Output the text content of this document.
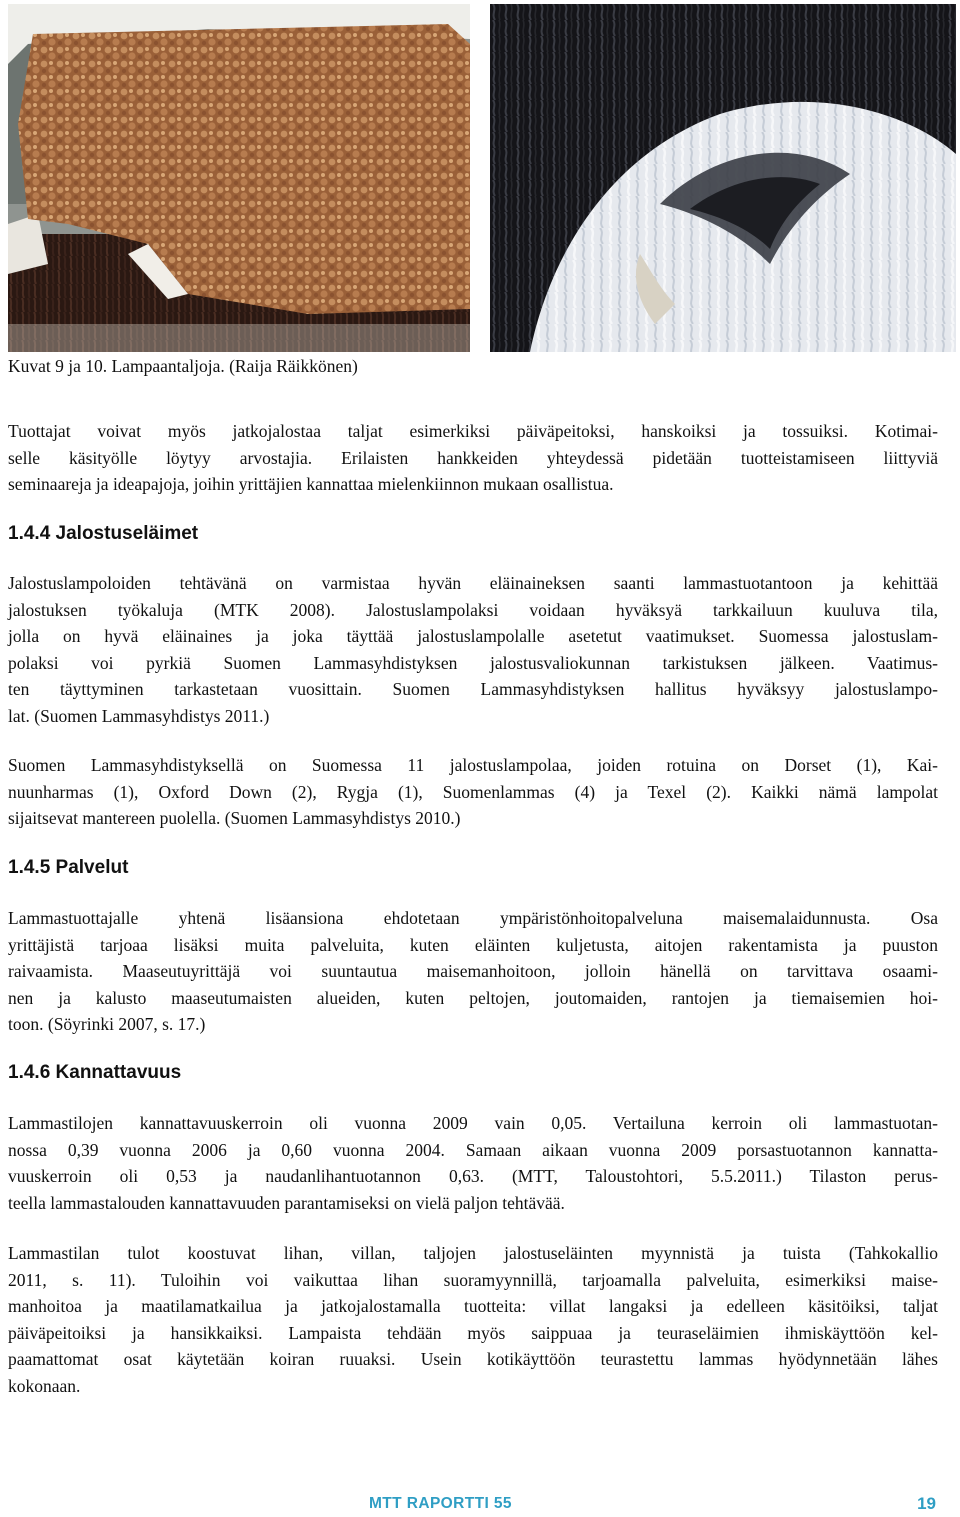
Kuvat 9 ja 10. Lampaantaljoja. (Raija Räikkönen)
Tuottajat voivat myös jatkojalostaa taljat esimerkiksi päiväpeitoksi, hanskoiksi ja tossuiksi. Kotimai-
selle käsityölle löytyy arvostajia. Erilaisten hankkeiden yhteydessä pidetään tuotteistamiseen liittyviä
seminaareja ja ideapajoja, joihin yrittäjien kannattaa mielenkiinnon mukaan osallistua.
1.4.4 Jalostuseläimet
Jalostuslampoloiden tehtävänä on varmistaa hyvän eläinaineksen saanti lammastuotantoon ja kehittää
jalostuksen työkaluja (MTK 2008). Jalostuslampolaksi voidaan hyväksyä tarkkailuun kuuluva tila,
jolla on hyvä eläinaines ja joka täyttää jalostuslampolalle asetetut vaatimukset. Suomessa jalostuslam-
polaksi voi pyrkiä Suomen Lammasyhdistyksen jalostusvaliokunnan tarkistuksen jälkeen. Vaatimus-
ten täyttyminen tarkastetaan vuosittain. Suomen Lammasyhdistyksen hallitus hyväksyy jalostuslampo-
lat. (Suomen Lammasyhdistys 2011.)
Suomen Lammasyhdistyksellä on Suomessa 11 jalostuslampolaa, joiden rotuina on Dorset (1), Kai-
nuunharmas (1), Oxford Down (2), Rygja (1), Suomenlammas (4) ja Texel (2). Kaikki nämä lampolat
sijaitsevat mantereen puolella. (Suomen Lammasyhdistys 2010.)
1.4.5 Palvelut
Lammastuottajalle yhtenä lisäansiona ehdotetaan ympäristönhoitopalveluna maisemalaidunnusta. Osa
yrittäjistä tarjoaa lisäksi muita palveluita, kuten eläinten kuljetusta, aitojen rakentamista ja puuston
raivaamista. Maaseutuyrittäjä voi suuntautua maisemanhoitoon, jolloin hänellä on tarvittava osaami-
nen ja kalusto maaseutumaisten alueiden, kuten peltojen, joutomaiden, rantojen ja tiemaisemien hoi-
toon. (Söyrinki 2007, s. 17.)
1.4.6 Kannattavuus
Lammastilojen kannattavuuskerroin oli vuonna 2009 vain 0,05. Vertailuna kerroin oli lammastuotan-
nossa 0,39 vuonna 2006 ja 0,60 vuonna 2004. Samaan aikaan vuonna 2009 porsastuotannon kannatta-
vuuskerroin oli 0,53 ja naudanlihantuotannon 0,63. (MTT, Taloustohtori, 5.5.2011.) Tilaston perus-
teella lammastalouden kannattavuuden parantamiseksi on vielä paljon tehtävää.
Lammastilan tulot koostuvat lihan, villan, taljojen jalostuseläinten myynnistä ja tuista (Tahkokallio
2011, s. 11). Tuloihin voi vaikuttaa lihan suoramyynnillä, tarjoamalla palveluita, esimerkiksi maise-
manhoitoa ja maatilamatkailua ja jatkojalostamalla tuotteita: villat langaksi ja edelleen käsitöiksi, taljat
päiväpeitoiksi ja hansikkaiksi. Lampaista tehdään myös saippuaa ja teuraseläimien ihmiskäyttöön kel-
paamattomat osat käytetään koiran ruuaksi. Usein kotikäyttöön teurastettu lammas hyödynnetään lähes
kokonaan.
MTT RAPORTTI 55	19
